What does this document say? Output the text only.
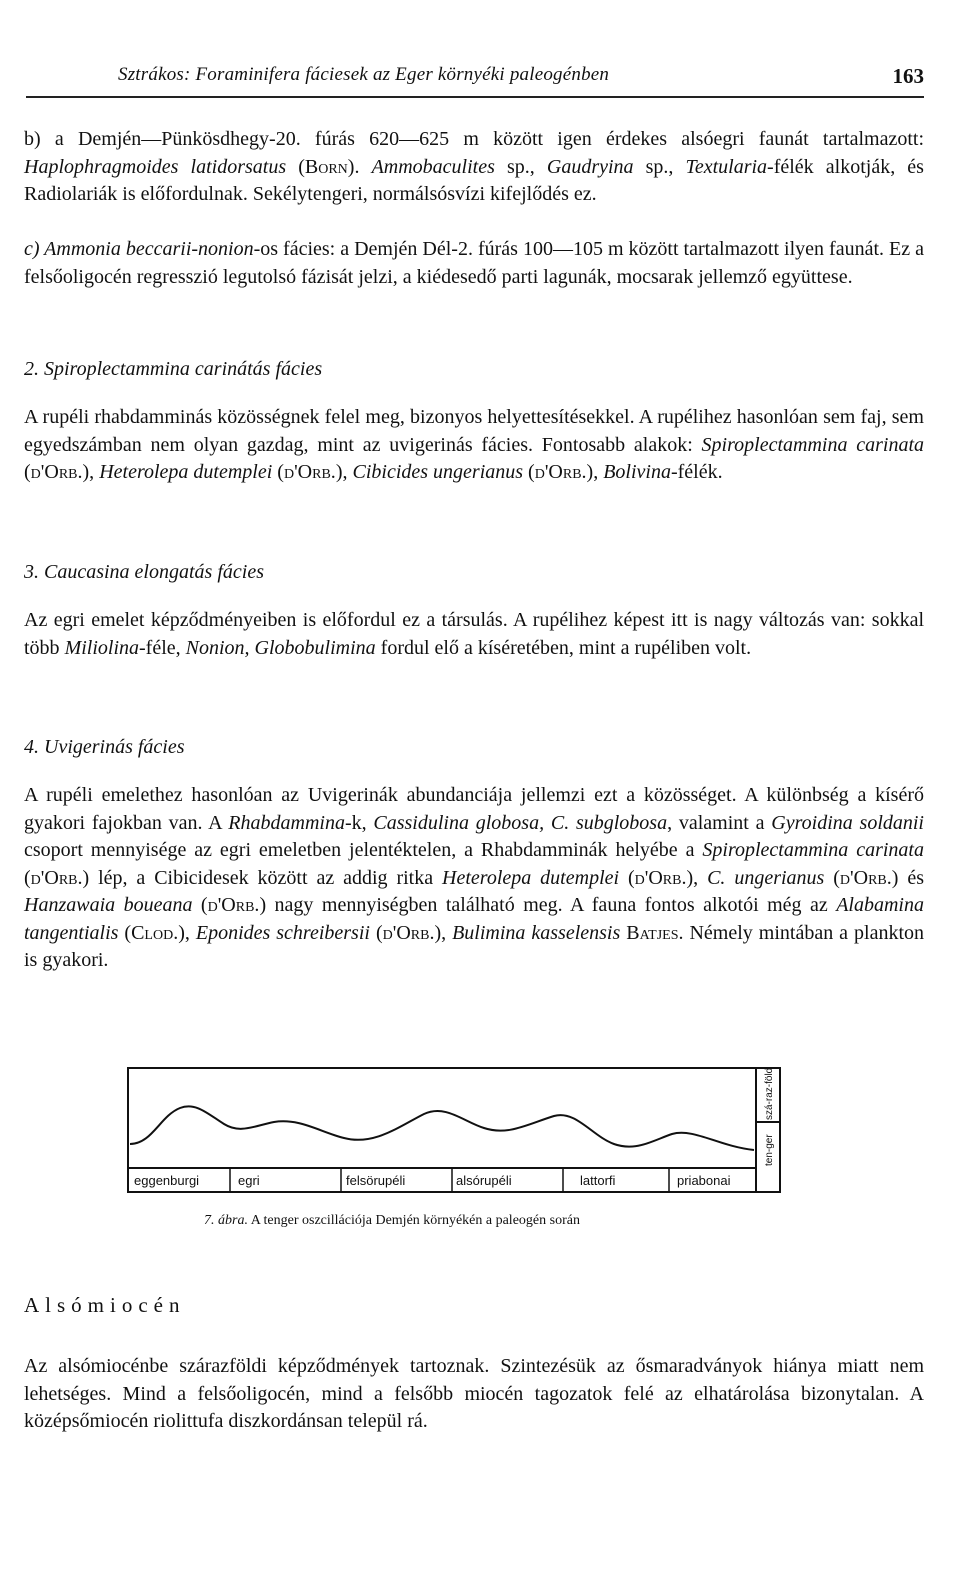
Sztrákos: Foraminifera fáciesek az Eger környéki paleogénben	163
b) a Demjén—Pünkösdhegy-20. fúrás 620—625 m között igen érdekes alsóegri faunát tartalmazott: Haplophragmoides latidorsatus (Born). Ammobaculites sp., Gaudryina sp., Textularia-félék alkotják, és Radiolariák is előfordulnak. Sekélytengeri, normálsósvízi kifejlődés ez.
c) Ammonia beccarii-nonion-os fácies: a Demjén Dél-2. fúrás 100—105 m között tartalmazott ilyen faunát. Ez a felsőoligocén regresszió legutolsó fázisát jelzi, a kiédesedő parti lagunák, mocsarak jellemző együttese.
2. Spiroplectammina carinátás fácies
A rupéli rhabdamminás közösségnek felel meg, bizonyos helyettesítésekkel. A rupélihez hasonlóan sem faj, sem egyedszámban nem olyan gazdag, mint az uvigerinás fácies. Fontosabb alakok: Spiroplectammina carinata (d'Orb.), Heterolepa dutemplei (d'Orb.), Cibicides ungerianus (d'Orb.), Bolivina-félék.
3. Caucasina elongatás fácies
Az egri emelet képződményeiben is előfordul ez a társulás. A rupélihez képest itt is nagy változás van: sokkal több Miliolina-féle, Nonion, Globobulimina fordul elő a kíséretében, mint a rupéliben volt.
4. Uvigerinás fácies
A rupéli emelethez hasonlóan az Uvigerinák abundanciája jellemzi ezt a közösséget. A különbség a kísérő gyakori fajokban van. A Rhabdammina-k, Cassidulina globosa, C. subglobosa, valamint a Gyroidina soldanii csoport mennyisége az egri emeletben jelentéktelen, a Rhabdamminák helyébe a Spiroplectammina carinata (d'Orb.) lép, a Cibicidesek között az addig ritka Heterolepa dutemplei (d'Orb.), C. ungerianus (d'Orb.) és Hanzawaia boueana (d'Orb.) nagy mennyiségben található meg. A fauna fontos alkotói még az Alabamina tangentialis (Clod.), Eponides schreibersii (d'Orb.), Bulimina kasselensis Batjes. Némely mintában a plankton is gyakori.
eggenburgi	egri	felsörupéli	alsórupéli	lattorfi	priabonai
szá-raz-föld
ten-ger
7. ábra. A tenger oszcillációja Demjén környékén a paleogén során
Alsómiocén
Az alsómiocénbe szárazföldi képződmények tartoznak. Szintezésük az ősmaradványok hiánya miatt nem lehetséges. Mind a felsőoligocén, mind a felsőbb miocén tagozatok felé az elhatárolása bizonytalan. A középsőmiocén riolittufa diszkordánsan települ rá.
